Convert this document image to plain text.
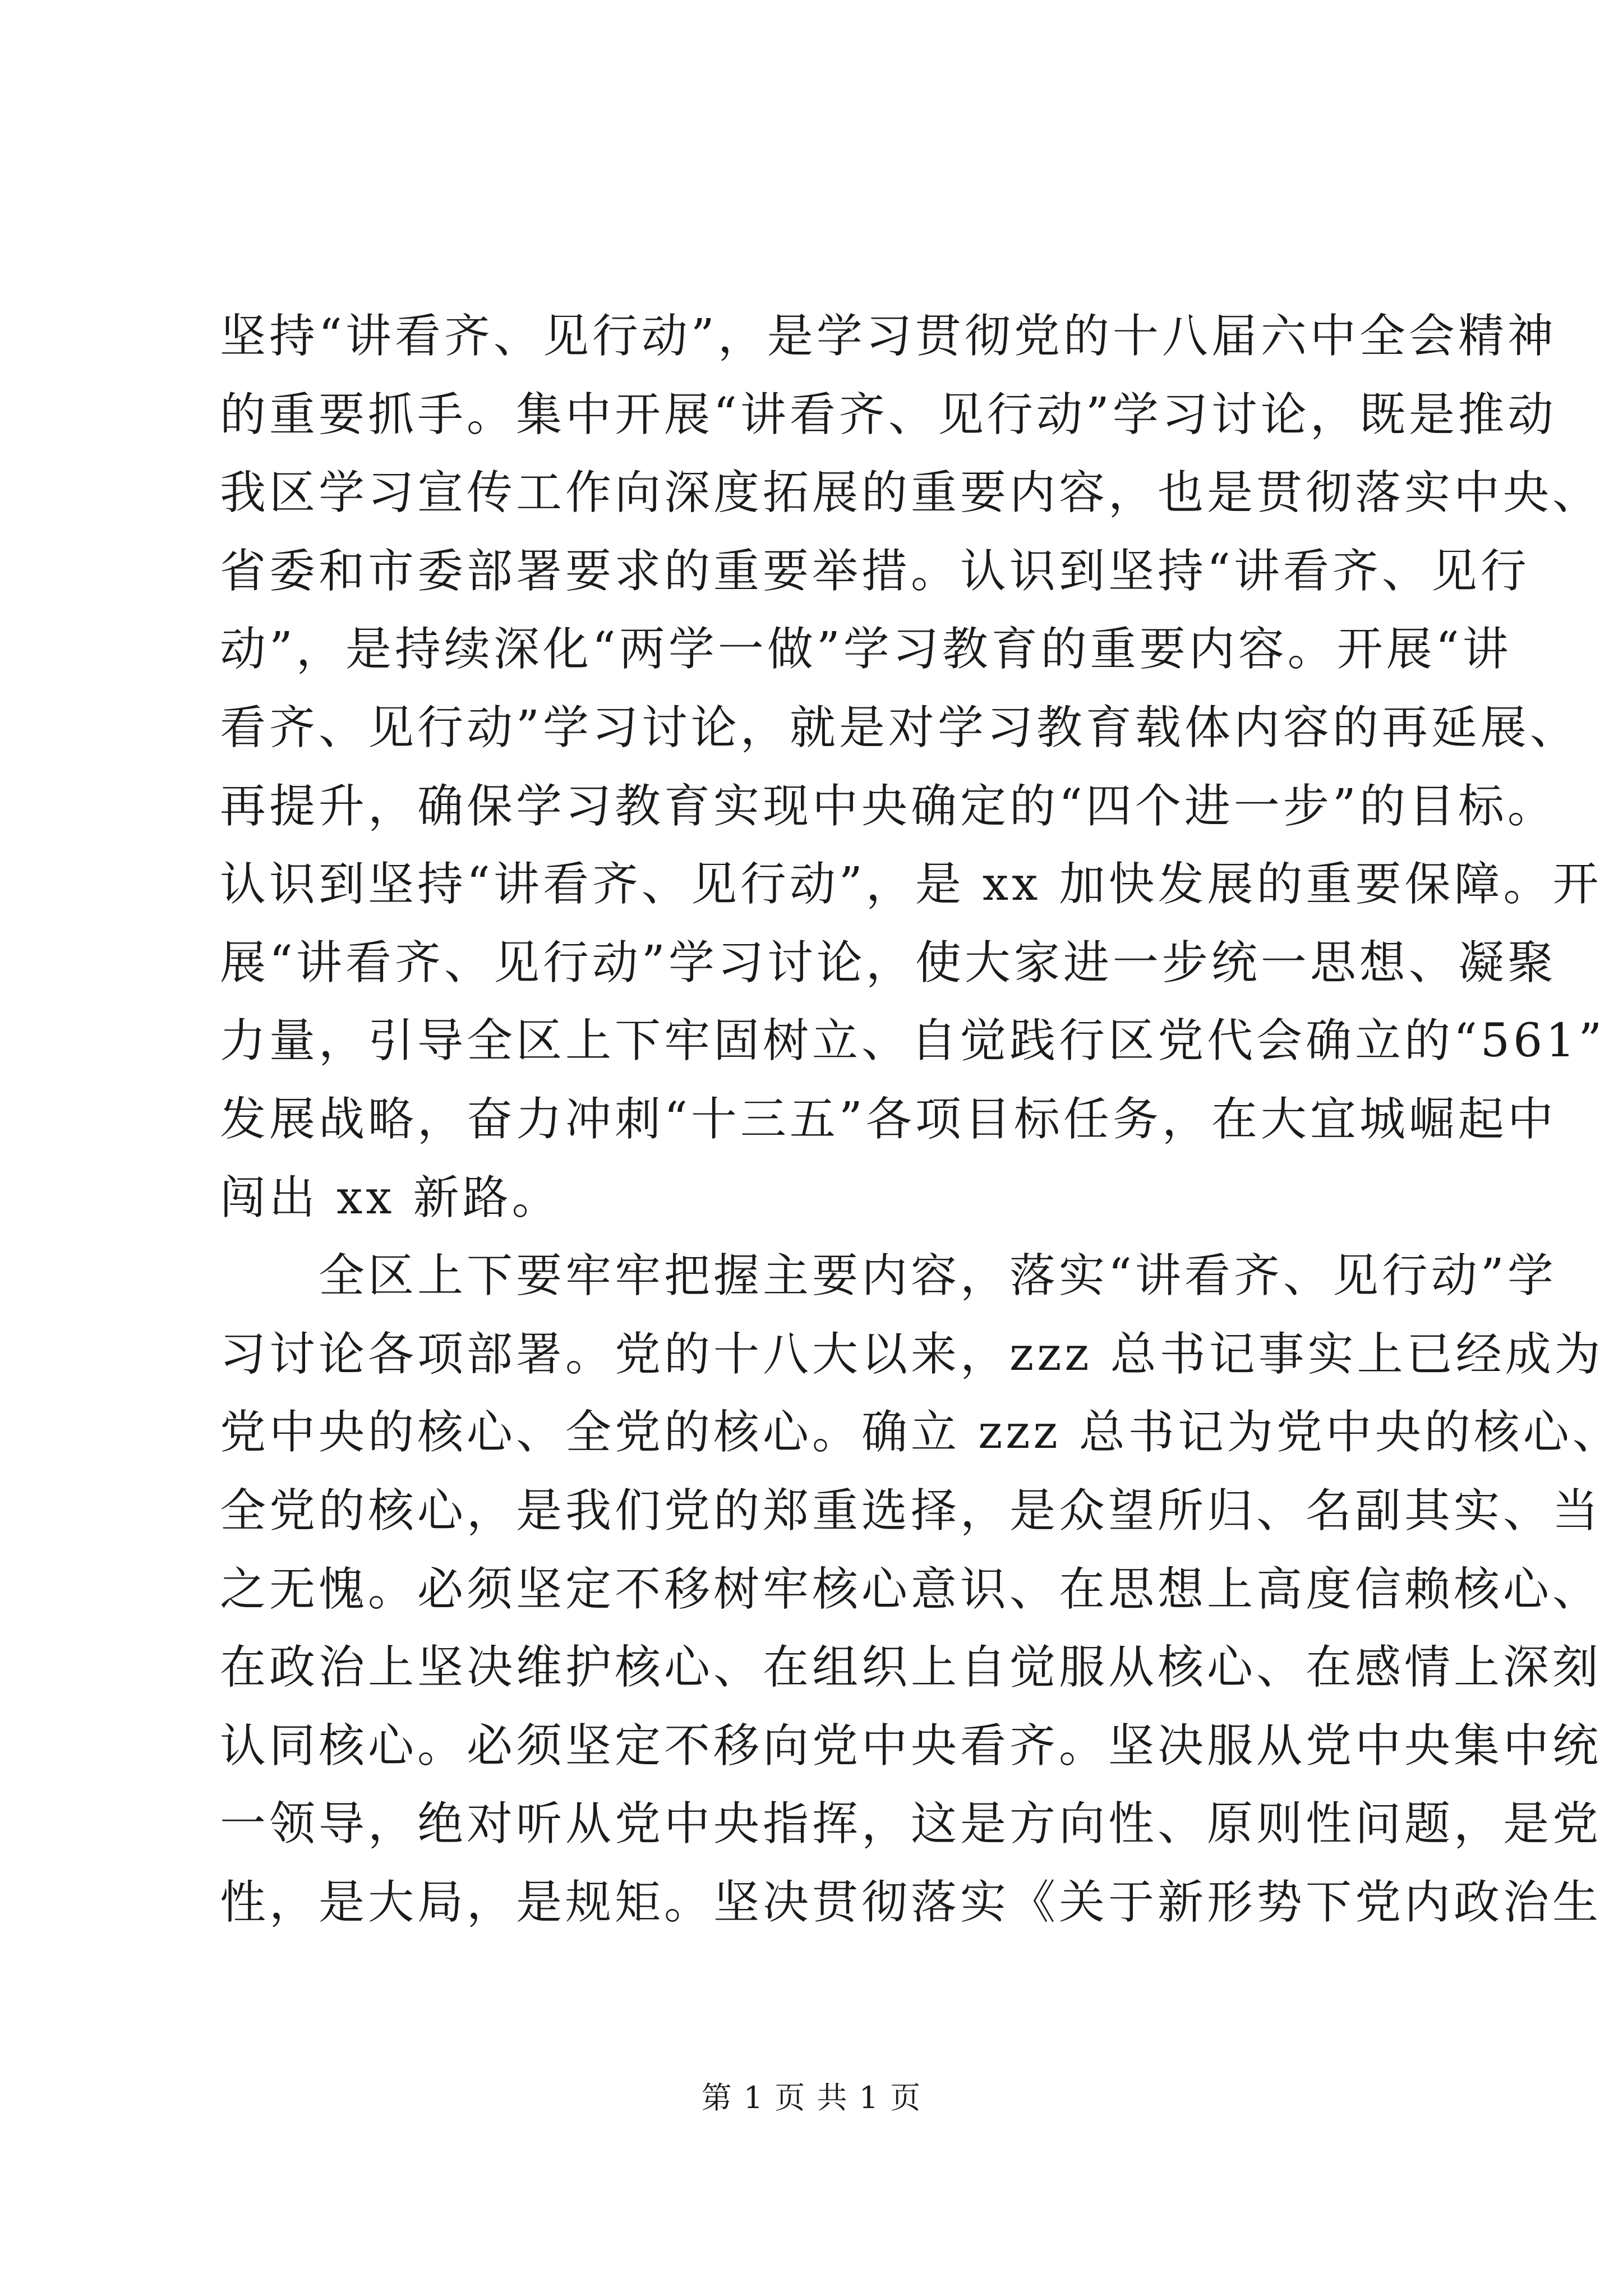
坚持“讲看齐、见行动”，是学习贯彻党的十八届六中全会精神
的重要抓手。集中开展“讲看齐、见行动”学习讨论，既是推动
我区学习宣传工作向深度拓展的重要内容，也是贯彻落实中央、
省委和市委部署要求的重要举措。认识到坚持“讲看齐、见行
动”，是持续深化“两学一做”学习教育的重要内容。开展“讲
看齐、见行动”学习讨论，就是对学习教育载体内容的再延展、
再提升，确保学习教育实现中央确定的“四个进一步”的目标。
认识到坚持“讲看齐、见行动”，是 xx 加快发展的重要保障。开
展“讲看齐、见行动”学习讨论，使大家进一步统一思想、凝聚
力量，引导全区上下牢固树立、自觉践行区党代会确立的“561”
发展战略，奋力冲刺“十三五”各项目标任务，在大宜城崛起中
闯出 xx 新路。
　　全区上下要牢牢把握主要内容，落实“讲看齐、见行动”学
习讨论各项部署。党的十八大以来，zzz 总书记事实上已经成为
党中央的核心、全党的核心。确立 zzz 总书记为党中央的核心、
全党的核心，是我们党的郑重选择，是众望所归、名副其实、当
之无愧。必须坚定不移树牢核心意识、在思想上高度信赖核心、
在政治上坚决维护核心、在组织上自觉服从核心、在感情上深刻
认同核心。必须坚定不移向党中央看齐。坚决服从党中央集中统
一领导，绝对听从党中央指挥，这是方向性、原则性问题，是党
性，是大局，是规矩。坚决贯彻落实《关于新形势下党内政治生
第 1 页 共 1 页
